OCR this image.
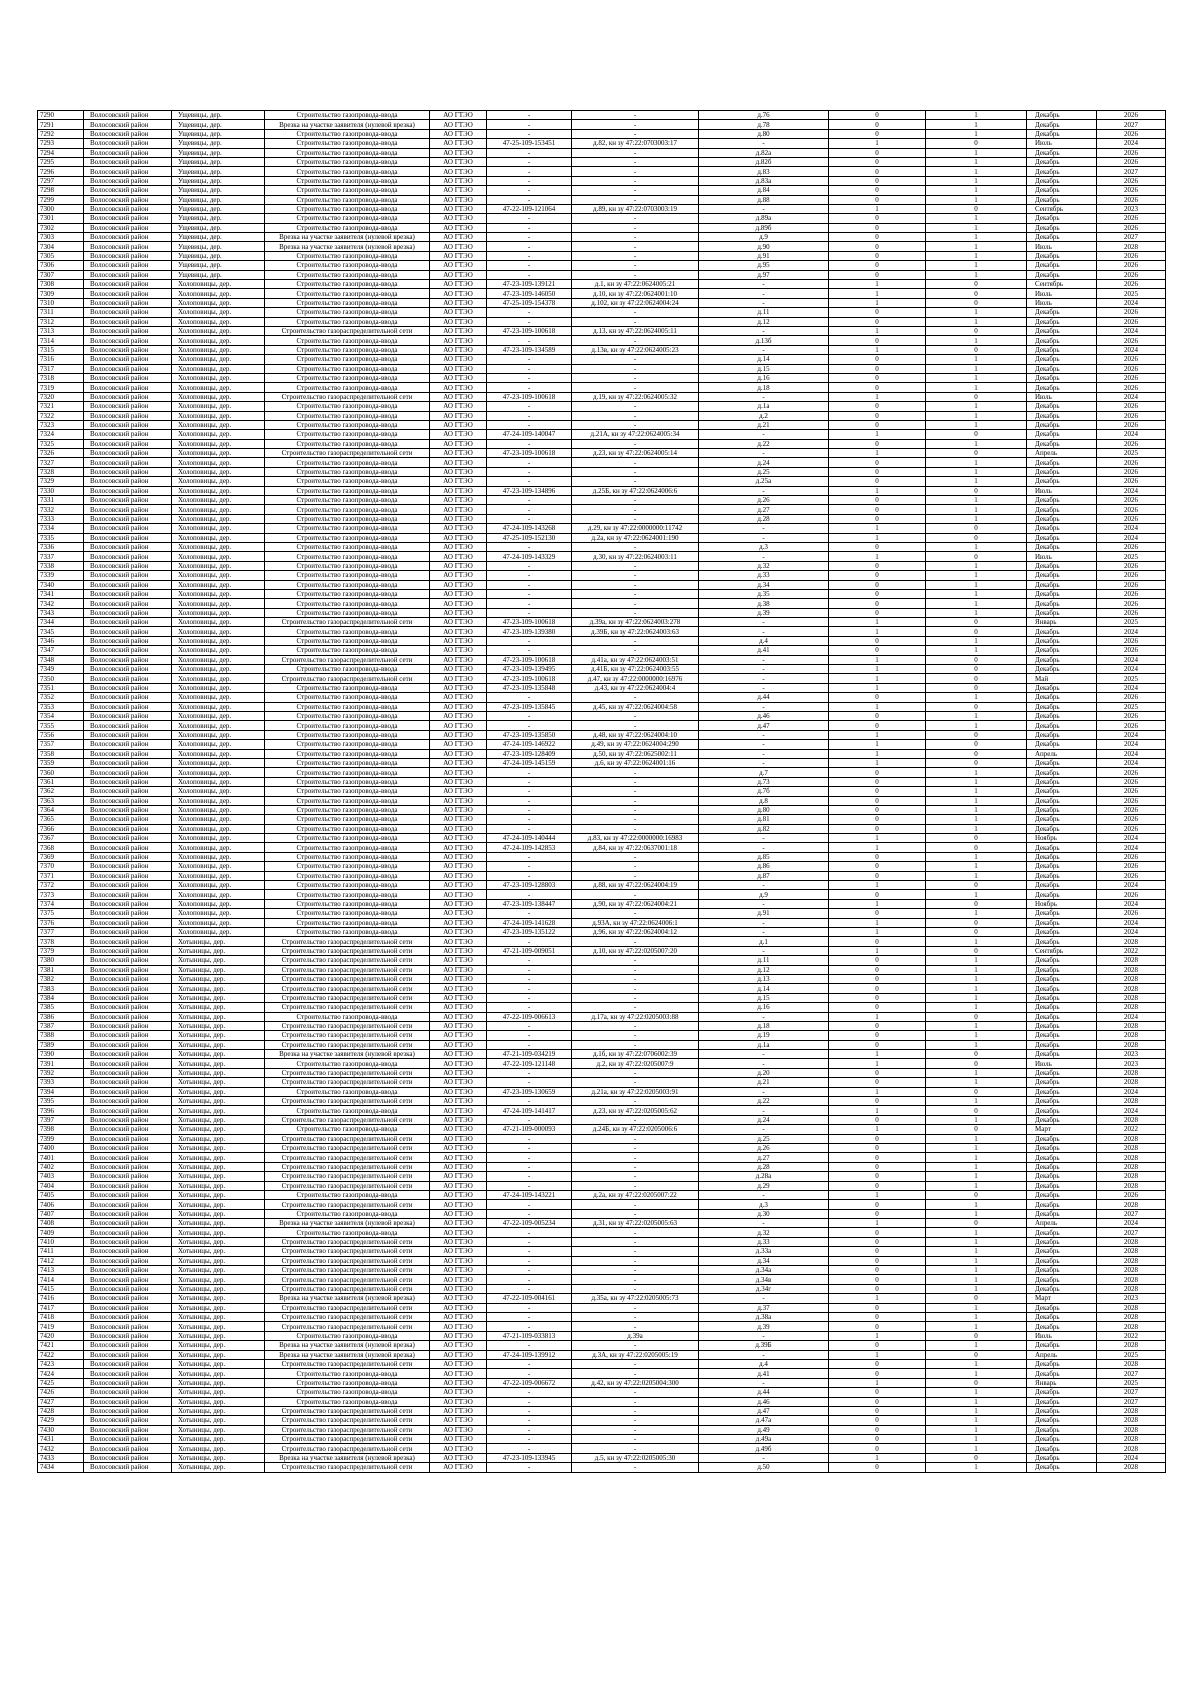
7290	Волосовский район	Ущевицы, дер.	Строительство газопровода-ввода	АО ГТЭО	-	-	д.76	0	1	Декабрь	2026
7291	Волосовский район	Ущевицы, дер.	Врезка на участке заявителя (нулевой врезка)	АО ГТЭО	-	-	д.78	0	1	Декабрь	2027
7292	Волосовский район	Ущевицы, дер.	Строительство газопровода-ввода	АО ГТЭО	-	-	д.80	0	1	Декабрь	2026
7293	Волосовский район	Ущевицы, дер.	Строительство газопровода-ввода	АО ГТЭО	47-25-109-153451	д.82, кн зу 47:22:0703003:17	-	1	0	Июль	2024
7294	Волосовский район	Ущевицы, дер.	Строительство газопровода-ввода	АО ГТЭО	-	-	д.82а	0	1	Декабрь	2026
7295	Волосовский район	Ущевицы, дер.	Строительство газопровода-ввода	АО ГТЭО	-	-	д.82б	0	1	Декабрь	2026
7296	Волосовский район	Ущевицы, дер.	Строительство газопровода-ввода	АО ГТЭО	-	-	д.83	0	1	Декабрь	2027
7297	Волосовский район	Ущевицы, дер.	Строительство газопровода-ввода	АО ГТЭО	-	-	д.83а	0	1	Декабрь	2026
7298	Волосовский район	Ущевицы, дер.	Строительство газопровода-ввода	АО ГТЭО	-	-	д.84	0	1	Декабрь	2026
7299	Волосовский район	Ущевицы, дер.	Строительство газопровода-ввода	АО ГТЭО	-	-	д.88	0	1	Декабрь	2026
7300	Волосовский район	Ущевицы, дер.	Строительство газопровода-ввода	АО ГТЭО	47-22-109-121064	д.89, кн зу 47:22:0703003:19	-	1	0	Сентябрь	2023
7301	Волосовский район	Ущевицы, дер.	Строительство газопровода-ввода	АО ГТЭО	-	-	д.89а	0	1	Декабрь	2026
7302	Волосовский район	Ущевицы, дер.	Строительство газопровода-ввода	АО ГТЭО	-	-	д.89б	0	1	Декабрь	2026
7303	Волосовский район	Ущевицы, дер.	Врезка на участке заявителя (нулевой врезка)	АО ГТЭО	-	-	д.9	0	1	Декабрь	2027
7304	Волосовский район	Ущевицы, дер.	Врезка на участке заявителя (нулевой врезка)	АО ГТЭО	-	-	д.90	0	1	Июль	2028
7305	Волосовский район	Ущевицы, дер.	Строительство газопровода-ввода	АО ГТЭО	-	-	д.91	0	1	Декабрь	2026
7306	Волосовский район	Ущевицы, дер.	Строительство газопровода-ввода	АО ГТЭО	-	-	д.95	0	1	Декабрь	2026
7307	Волосовский район	Ущевицы, дер.	Строительство газопровода-ввода	АО ГТЭО	-	-	д.97	0	1	Декабрь	2026
7308	Волосовский район	Холоповицы, дер.	Строительство газопровода-ввода	АО ГТЭО	47-23-109-139121	д.1, кн зу 47:22:0624005:21	-	1	0	Сентябрь	2026
7309	Волосовский район	Холоповицы, дер.	Строительство газопровода-ввода	АО ГТЭО	47-23-109-146050	д.10, кн зу 47:22:0624001:10	-	1	0	Июль	2025
7310	Волосовский район	Холоповицы, дер.	Строительство газопровода-ввода	АО ГТЭО	47-25-109-154378	д.102, кн зу 47:22:0624004:24	-	1	0	Июль	2024
7311	Волосовский район	Холоповицы, дер.	Строительство газопровода-ввода	АО ГТЭО	-	-	д.11	0	1	Декабрь	2026
7312	Волосовский район	Холоповицы, дер.	Строительство газопровода-ввода	АО ГТЭО	-	-	д.12	0	1	Декабрь	2026
7313	Волосовский район	Холоповицы, дер.	Строительство газораспределительной сети	АО ГТЭО	47-23-109-100618	д.13, кн зу 47:22:0624005:11	-	1	0	Декабрь	2024
7314	Волосовский район	Холоповицы, дер.	Строительство газопровода-ввода	АО ГТЭО	-	-	д.13б	0	1	Декабрь	2026
7315	Волосовский район	Холоповицы, дер.	Строительство газопровода-ввода	АО ГТЭО	47-23-109-134589	д.13в, кн зу 47:22:0624005:23	-	1	0	Декабрь	2024
7316	Волосовский район	Холоповицы, дер.	Строительство газопровода-ввода	АО ГТЭО	-	-	д.14	0	1	Декабрь	2026
7317	Волосовский район	Холоповицы, дер.	Строительство газопровода-ввода	АО ГТЭО	-	-	д.15	0	1	Декабрь	2026
7318	Волосовский район	Холоповицы, дер.	Строительство газопровода-ввода	АО ГТЭО	-	-	д.16	0	1	Декабрь	2026
7319	Волосовский район	Холоповицы, дер.	Строительство газопровода-ввода	АО ГТЭО	-	-	д.18	0	1	Декабрь	2026
7320	Волосовский район	Холоповицы, дер.	Строительство газораспределительной сети	АО ГТЭО	47-23-109-100618	д.19, кн зу 47:22:0624005:32	-	1	0	Июль	2024
7321	Волосовский район	Холоповицы, дер.	Строительство газопровода-ввода	АО ГТЭО	-	-	д.1а	0	1	Декабрь	2026
7322	Волосовский район	Холоповицы, дер.	Строительство газопровода-ввода	АО ГТЭО	-	-	д.2	0	1	Декабрь	2026
7323	Волосовский район	Холоповицы, дер.	Строительство газопровода-ввода	АО ГТЭО	-	-	д.21	0	1	Декабрь	2026
7324	Волосовский район	Холоповицы, дер.	Строительство газопровода-ввода	АО ГТЭО	47-24-109-140047	д.21А, кн зу 47:22:0624005:34	-	1	0	Декабрь	2024
7325	Волосовский район	Холоповицы, дер.	Строительство газопровода-ввода	АО ГТЭО	-	-	д.22	0	1	Декабрь	2026
7326	Волосовский район	Холоповицы, дер.	Строительство газораспределительной сети	АО ГТЭО	47-23-109-100618	д.23, кн зу 47:22:0624005:14	-	1	0	Апрель	2025
7327	Волосовский район	Холоповицы, дер.	Строительство газопровода-ввода	АО ГТЭО	-	-	д.24	0	1	Декабрь	2026
7328	Волосовский район	Холоповицы, дер.	Строительство газопровода-ввода	АО ГТЭО	-	-	д.25	0	1	Декабрь	2026
7329	Волосовский район	Холоповицы, дер.	Строительство газопровода-ввода	АО ГТЭО	-	-	д.25а	0	1	Декабрь	2026
7330	Волосовский район	Холоповицы, дер.	Строительство газопровода-ввода	АО ГТЭО	47-23-109-134896	д.25Б, кн зу 47:22:0624006:6	-	1	0	Июль	2024
7331	Волосовский район	Холоповицы, дер.	Строительство газопровода-ввода	АО ГТЭО	-	-	д.26	0	1	Декабрь	2026
7332	Волосовский район	Холоповицы, дер.	Строительство газопровода-ввода	АО ГТЭО	-	-	д.27	0	1	Декабрь	2026
7333	Волосовский район	Холоповицы, дер.	Строительство газопровода-ввода	АО ГТЭО	-	-	д.28	0	1	Декабрь	2026
7334	Волосовский район	Холоповицы, дер.	Строительство газопровода-ввода	АО ГТЭО	47-24-109-143268	д.29, кн зу 47:22:0000000:11742	-	1	0	Декабрь	2024
7335	Волосовский район	Холоповицы, дер.	Строительство газопровода-ввода	АО ГТЭО	47-25-109-152130	д.2а, кн зу 47:22:0624001:190	-	1	0	Декабрь	2024
7336	Волосовский район	Холоповицы, дер.	Строительство газопровода-ввода	АО ГТЭО	-	-	д.3	0	1	Декабрь	2026
7337	Волосовский район	Холоповицы, дер.	Строительство газопровода-ввода	АО ГТЭО	47-24-109-143329	д.30, кн зу 47:22:0624003:11	-	1	0	Июль	2025
7338	Волосовский район	Холоповицы, дер.	Строительство газопровода-ввода	АО ГТЭО	-	-	д.32	0	1	Декабрь	2026
7339	Волосовский район	Холоповицы, дер.	Строительство газопровода-ввода	АО ГТЭО	-	-	д.33	0	1	Декабрь	2026
7340	Волосовский район	Холоповицы, дер.	Строительство газопровода-ввода	АО ГТЭО	-	-	д.34	0	1	Декабрь	2026
7341	Волосовский район	Холоповицы, дер.	Строительство газопровода-ввода	АО ГТЭО	-	-	д.35	0	1	Декабрь	2026
7342	Волосовский район	Холоповицы, дер.	Строительство газопровода-ввода	АО ГТЭО	-	-	д.38	0	1	Декабрь	2026
7343	Волосовский район	Холоповицы, дер.	Строительство газопровода-ввода	АО ГТЭО	-	-	д.39	0	1	Декабрь	2026
7344	Волосовский район	Холоповицы, дер.	Строительство газораспределительной сети	АО ГТЭО	47-23-109-100618	д.39а, кн зу 47:22:0624003:278	-	1	0	Январь	2025
7345	Волосовский район	Холоповицы, дер.	Строительство газопровода-ввода	АО ГТЭО	47-23-109-139380	д.39Б, кн зу 47:22:0624003:63	-	1	0	Декабрь	2024
7346	Волосовский район	Холоповицы, дер.	Строительство газопровода-ввода	АО ГТЭО	-	-	д.4	0	1	Декабрь	2026
7347	Волосовский район	Холоповицы, дер.	Строительство газопровода-ввода	АО ГТЭО	-	-	д.41	0	1	Декабрь	2026
7348	Волосовский район	Холоповицы, дер.	Строительство газораспределительной сети	АО ГТЭО	47-23-109-100618	д.41а, кн зу 47:22:0624003:51	-	1	0	Декабрь	2024
7349	Волосовский район	Холоповицы, дер.	Строительство газопровода-ввода	АО ГТЭО	47-23-109-139495	д.41Б, кн зу 47:22:0624003:55	-	1	0	Декабрь	2024
7350	Волосовский район	Холоповицы, дер.	Строительство газораспределительной сети	АО ГТЭО	47-23-109-100618	д.47, кн зу 47:22:0000000:16976	-	1	0	Май	2025
7351	Волосовский район	Холоповицы, дер.	Строительство газопровода-ввода	АО ГТЭО	47-23-109-135848	д.43, кн зу 47:22:0624004:4	-	1	0	Декабрь	2024
7352	Волосовский район	Холоповицы, дер.	Строительство газопровода-ввода	АО ГТЭО	-	-	д.44	0	1	Декабрь	2026
7353	Волосовский район	Холоповицы, дер.	Строительство газопровода-ввода	АО ГТЭО	47-23-109-135845	д.45, кн зу 47:22:0624004:58	-	1	0	Декабрь	2025
7354	Волосовский район	Холоповицы, дер.	Строительство газопровода-ввода	АО ГТЭО	-	-	д.46	0	1	Декабрь	2026
7355	Волосовский район	Холоповицы, дер.	Строительство газопровода-ввода	АО ГТЭО	-	-	д.47	0	1	Декабрь	2026
7356	Волосовский район	Холоповицы, дер.	Строительство газопровода-ввода	АО ГТЭО	47-23-109-135850	д.48, кн зу 47:22:0624004:10	-	1	0	Декабрь	2024
7357	Волосовский район	Холоповицы, дер.	Строительство газопровода-ввода	АО ГТЭО	47-24-109-146922	д.49, кн зу 47:22:0624004:290	-	1	0	Декабрь	2024
7358	Волосовский район	Холоповицы, дер.	Строительство газопровода-ввода	АО ГТЭО	47-23-109-128409	д.50, кн зу 47:22:0625002:11	-	1	0	Апрель	2024
7359	Волосовский район	Холоповицы, дер.	Строительство газопровода-ввода	АО ГТЭО	47-24-109-145159	д.6, кн зу 47:22:0624001:16	-	1	0	Декабрь	2024
7360	Волосовский район	Холоповицы, дер.	Строительство газопровода-ввода	АО ГТЭО	-	-	д.7	0	1	Декабрь	2026
7361	Волосовский район	Холоповицы, дер.	Строительство газопровода-ввода	АО ГТЭО	-	-	д.73	0	1	Декабрь	2026
7362	Волосовский район	Холоповицы, дер.	Строительство газопровода-ввода	АО ГТЭО	-	-	д.7б	0	1	Декабрь	2026
7363	Волосовский район	Холоповицы, дер.	Строительство газопровода-ввода	АО ГТЭО	-	-	д.8	0	1	Декабрь	2026
7364	Волосовский район	Холоповицы, дер.	Строительство газопровода-ввода	АО ГТЭО	-	-	д.80	0	1	Декабрь	2026
7365	Волосовский район	Холоповицы, дер.	Строительство газопровода-ввода	АО ГТЭО	-	-	д.81	0	1	Декабрь	2026
7366	Волосовский район	Холоповицы, дер.	Строительство газопровода-ввода	АО ГТЭО	-	-	д.82	0	1	Декабрь	2026
7367	Волосовский район	Холоповицы, дер.	Строительство газопровода-ввода	АО ГТЭО	47-24-109-140444	д.83, кн зу 47:22:0000000:16983	-	1	0	Ноябрь	2024
7368	Волосовский район	Холоповицы, дер.	Строительство газопровода-ввода	АО ГТЭО	47-24-109-142853	д.84, кн зу 47:22:0637001:18	-	1	0	Декабрь	2024
7369	Волосовский район	Холоповицы, дер.	Строительство газопровода-ввода	АО ГТЭО	-	-	д.85	0	1	Декабрь	2026
7370	Волосовский район	Холоповицы, дер.	Строительство газопровода-ввода	АО ГТЭО	-	-	д.86	0	1	Декабрь	2026
7371	Волосовский район	Холоповицы, дер.	Строительство газопровода-ввода	АО ГТЭО	-	-	д.87	0	1	Декабрь	2026
7372	Волосовский район	Холоповицы, дер.	Строительство газопровода-ввода	АО ГТЭО	47-23-109-128803	д.88, кн зу 47:22:0624004:19	-	1	0	Декабрь	2024
7373	Волосовский район	Холоповицы, дер.	Строительство газопровода-ввода	АО ГТЭО	-	-	д.9	0	1	Декабрь	2026
7374	Волосовский район	Холоповицы, дер.	Строительство газопровода-ввода	АО ГТЭО	47-23-109-138447	д.90, кн зу 47:22:0624004:21	-	1	0	Ноябрь	2024
7375	Волосовский район	Холоповицы, дер.	Строительство газопровода-ввода	АО ГТЭО	-	-	д.91	0	1	Декабрь	2026
7376	Волосовский район	Холоповицы, дер.	Строительство газопровода-ввода	АО ГТЭО	47-24-109-141628	д.93А, кн зу 47:22:0624006:1	-	1	0	Декабрь	2024
7377	Волосовский район	Холоповицы, дер.	Строительство газопровода-ввода	АО ГТЭО	47-23-109-135122	д.96, кн зу 47:22:0624004:12	-	1	0	Декабрь	2024
7378	Волосовский район	Хотыницы, дер.	Строительство газораспределительной сети	АО ГТЭО	-	-	д.1	0	1	Декабрь	2028
7379	Волосовский район	Хотыницы, дер.	Строительство газораспределительной сети	АО ГТЭО	47-21-109-009051	д.10, кн зу 47:22:0205007:20	-	1	0	Сентябрь	2022
7380	Волосовский район	Хотыницы, дер.	Строительство газораспределительной сети	АО ГТЭО	-	-	д.11	0	1	Декабрь	2028
7381	Волосовский район	Хотыницы, дер.	Строительство газораспределительной сети	АО ГТЭО	-	-	д.12	0	1	Декабрь	2028
7382	Волосовский район	Хотыницы, дер.	Строительство газораспределительной сети	АО ГТЭО	-	-	д.13	0	1	Декабрь	2028
7383	Волосовский район	Хотыницы, дер.	Строительство газораспределительной сети	АО ГТЭО	-	-	д.14	0	1	Декабрь	2028
7384	Волосовский район	Хотыницы, дер.	Строительство газораспределительной сети	АО ГТЭО	-	-	д.15	0	1	Декабрь	2028
7385	Волосовский район	Хотыницы, дер.	Строительство газораспределительной сети	АО ГТЭО	-	-	д.16	0	1	Декабрь	2028
7386	Волосовский район	Хотыницы, дер.	Строительство газопровода-ввода	АО ГТЭО	47-22-109-006613	д.17а, кн зу 47:22:0205003:88	-	1	0	Декабрь	2024
7387	Волосовский район	Хотыницы, дер.	Строительство газораспределительной сети	АО ГТЭО	-	-	д.18	0	1	Декабрь	2028
7388	Волосовский район	Хотыницы, дер.	Строительство газораспределительной сети	АО ГТЭО	-	-	д.19	0	1	Декабрь	2028
7389	Волосовский район	Хотыницы, дер.	Строительство газораспределительной сети	АО ГТЭО	-	-	д.1а	0	1	Декабрь	2028
7390	Волосовский район	Хотыницы, дер.	Врезка на участке заявителя (нулевой врезка)	АО ГТЭО	47-21-109-034219	д.1б, кн зу 47:22:0706002:39	-	1	0	Декабрь	2023
7391	Волосовский район	Хотыницы, дер.	Строительство газопровода-ввода	АО ГТЭО	47-22-109-121148	д.2, кн зу 47:22:0205007:9	-	1	0	Июль	2023
7392	Волосовский район	Хотыницы, дер.	Строительство газораспределительной сети	АО ГТЭО	-	-	д.20	0	1	Декабрь	2028
7393	Волосовский район	Хотыницы, дер.	Строительство газораспределительной сети	АО ГТЭО	-	-	д.21	0	1	Декабрь	2028
7394	Волосовский район	Хотыницы, дер.	Строительство газопровода-ввода	АО ГТЭО	47-23-109-130659	д.21а, кн зу 47:22:0205003:91	-	1	0	Декабрь	2024
7395	Волосовский район	Хотыницы, дер.	Строительство газораспределительной сети	АО ГТЭО	-	-	д.22	0	1	Декабрь	2028
7396	Волосовский район	Хотыницы, дер.	Строительство газопровода-ввода	АО ГТЭО	47-24-109-141417	д.23, кн зу 47:22:0205005:62	-	1	0	Декабрь	2024
7397	Волосовский район	Хотыницы, дер.	Строительство газораспределительной сети	АО ГТЭО	-	-	д.24	0	1	Декабрь	2028
7398	Волосовский район	Хотыницы, дер.	Строительство газопровода-ввода	АО ГТЭО	47-21-109-000093	д.24Б, кн зу 47:22:0205006:6	-	1	0	Март	2022
7399	Волосовский район	Хотыницы, дер.	Строительство газораспределительной сети	АО ГТЭО	-	-	д.25	0	1	Декабрь	2028
7400	Волосовский район	Хотыницы, дер.	Строительство газораспределительной сети	АО ГТЭО	-	-	д.26	0	1	Декабрь	2028
7401	Волосовский район	Хотыницы, дер.	Строительство газораспределительной сети	АО ГТЭО	-	-	д.27	0	1	Декабрь	2028
7402	Волосовский район	Хотыницы, дер.	Строительство газораспределительной сети	АО ГТЭО	-	-	д.28	0	1	Декабрь	2028
7403	Волосовский район	Хотыницы, дер.	Строительство газораспределительной сети	АО ГТЭО	-	-	д.28а	0	1	Декабрь	2028
7404	Волосовский район	Хотыницы, дер.	Строительство газораспределительной сети	АО ГТЭО	-	-	д.29	0	1	Декабрь	2028
7405	Волосовский район	Хотыницы, дер.	Строительство газопровода-ввода	АО ГТЭО	47-24-109-143221	д.2а, кн зу 47:22:0205007:22	-	1	0	Декабрь	2026
7406	Волосовский район	Хотыницы, дер.	Строительство газораспределительной сети	АО ГТЭО	-	-	д.3	0	1	Декабрь	2028
7407	Волосовский район	Хотыницы, дер.	Строительство газопровода-ввода	АО ГТЭО	-	-	д.30	0	1	Декабрь	2027
7408	Волосовский район	Хотыницы, дер.	Врезка на участке заявителя (нулевой врезка)	АО ГТЭО	47-22-109-005234	д.31, кн зу 47:22:0205005:63	-	1	0	Апрель	2024
7409	Волосовский район	Хотыницы, дер.	Строительство газопровода-ввода	АО ГТЭО	-	-	д.32	0	1	Декабрь	2027
7410	Волосовский район	Хотыницы, дер.	Строительство газораспределительной сети	АО ГТЭО	-	-	д.33	0	1	Декабрь	2028
7411	Волосовский район	Хотыницы, дер.	Строительство газораспределительной сети	АО ГТЭО	-	-	д.33а	0	1	Декабрь	2028
7412	Волосовский район	Хотыницы, дер.	Строительство газораспределительной сети	АО ГТЭО	-	-	д.34	0	1	Декабрь	2028
7413	Волосовский район	Хотыницы, дер.	Строительство газораспределительной сети	АО ГТЭО	-	-	д.34а	0	1	Декабрь	2028
7414	Волосовский район	Хотыницы, дер.	Строительство газораспределительной сети	АО ГТЭО	-	-	д.34в	0	1	Декабрь	2028
7415	Волосовский район	Хотыницы, дер.	Строительство газораспределительной сети	АО ГТЭО	-	-	д.34г	0	1	Декабрь	2028
7416	Волосовский район	Хотыницы, дер.	Врезка на участке заявителя (нулевой врезка)	АО ГТЭО	47-22-109-004161	д.35а, кн зу 47:22:0205005:73	-	1	0	Март	2023
7417	Волосовский район	Хотыницы, дер.	Строительство газораспределительной сети	АО ГТЭО	-	-	д.37	0	1	Декабрь	2028
7418	Волосовский район	Хотыницы, дер.	Строительство газораспределительной сети	АО ГТЭО	-	-	д.38а	0	1	Декабрь	2028
7419	Волосовский район	Хотыницы, дер.	Строительство газораспределительной сети	АО ГТЭО	-	-	д.39	0	1	Декабрь	2028
7420	Волосовский район	Хотыницы, дер.	Строительство газопровода-ввода	АО ГТЭО	47-21-109-033813	д.39а	-	1	0	Июль	2022
7421	Волосовский район	Хотыницы, дер.	Врезка на участке заявителя (нулевой врезка)	АО ГТЭО	-	-	д.39Б	0	1	Декабрь	2028
7422	Волосовский район	Хотыницы, дер.	Врезка на участке заявителя (нулевой врезка)	АО ГТЭО	47-24-109-139912	д.3А, кн зу 47:22:0205005:19	-	1	0	Апрель	2025
7423	Волосовский район	Хотыницы, дер.	Строительство газораспределительной сети	АО ГТЭО	-	-	д.4	0	1	Декабрь	2028
7424	Волосовский район	Хотыницы, дер.	Строительство газопровода-ввода	АО ГТЭО	-	-	д.41	0	1	Декабрь	2027
7425	Волосовский район	Хотыницы, дер.	Строительство газопровода-ввода	АО ГТЭО	47-22-109-006672	д.42, кн зу 47:22:0205004:300	-	1	0	Январь	2025
7426	Волосовский район	Хотыницы, дер.	Строительство газопровода-ввода	АО ГТЭО	-	-	д.44	0	1	Декабрь	2027
7427	Волосовский район	Хотыницы, дер.	Строительство газопровода-ввода	АО ГТЭО	-	-	д.46	0	1	Декабрь	2027
7428	Волосовский район	Хотыницы, дер.	Строительство газораспределительной сети	АО ГТЭО	-	-	д.47	0	1	Декабрь	2028
7429	Волосовский район	Хотыницы, дер.	Строительство газораспределительной сети	АО ГТЭО	-	-	д.47а	0	1	Декабрь	2028
7430	Волосовский район	Хотыницы, дер.	Строительство газораспределительной сети	АО ГТЭО	-	-	д.49	0	1	Декабрь	2028
7431	Волосовский район	Хотыницы, дер.	Строительство газораспределительной сети	АО ГТЭО	-	-	д.49а	0	1	Декабрь	2028
7432	Волосовский район	Хотыницы, дер.	Строительство газораспределительной сети	АО ГТЭО	-	-	д.49б	0	1	Декабрь	2028
7433	Волосовский район	Хотыницы, дер.	Врезка на участке заявителя (нулевой врезка)	АО ГТЭО	47-23-109-133945	д.5, кн зу 47:22:0205005:30	-	1	0	Декабрь	2024
7434	Волосовский район	Хотыницы, дер.	Строительство газораспределительной сети	АО ГТЭО	-	-	д.50	0	1	Декабрь	2028
